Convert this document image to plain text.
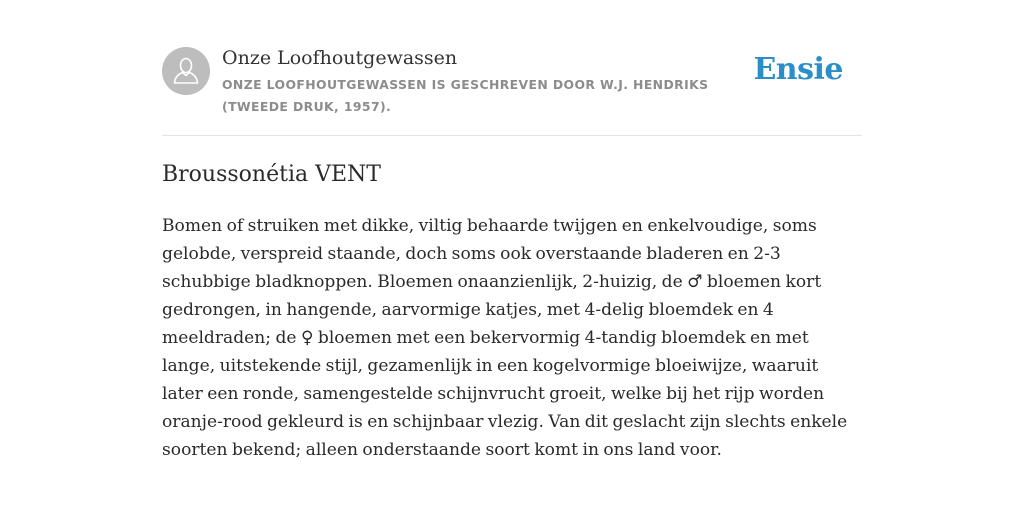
Onze Loofhoutgewassen
ONZE LOOFHOUTGEWASSEN IS GESCHREVEN DOOR W.J. HENDRIKS (TWEEDE DRUK, 1957).
Ensie
Broussonétia VENT

Bomen of struiken met dikke, viltig behaarde twijgen en enkelvoudige, soms gelobde, verspreid staande, doch soms ook overstaande bladeren en 2-3 schubbige bladknoppen. Bloemen onaanzienlijk, 2-huizig, de ♂ bloemen kort gedrongen, in hangende, aarvormige katjes, met 4-delig bloemdek en 4 meeldraden; de ♀ bloemen met een bekervormig 4-tandig bloemdek en met lange, uitstekende stijl, gezamenlijk in een kogelvormige bloeiwijze, waaruit later een ronde, samengestelde schijnvrucht groeit, welke bij het rijp worden oranje-rood gekleurd is en schijnbaar vlezig. Van dit geslacht zijn slechts enkele soorten bekend; alleen onderstaande soort komt in ons land voor.
